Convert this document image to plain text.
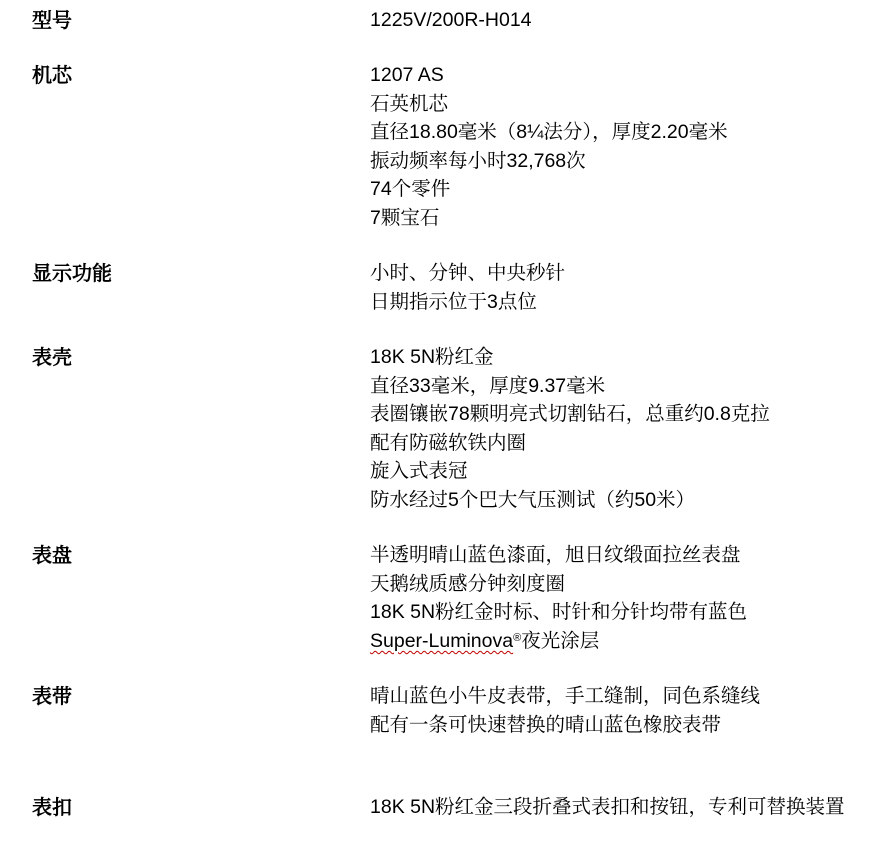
型号	1225V/200R-H014
机芯	1207 AS
石英机芯
直径18.80毫米（8¼法分），厚度2.20毫米
振动频率每小时32,768次
74个零件
7颗宝石
显示功能	小时、分钟、中央秒针
日期指示位于3点位
表壳	18K 5N粉红金
直径33毫米，厚度9.37毫米
表圈镶嵌78颗明亮式切割钻石，总重约0.8克拉
配有防磁软铁内圈
旋入式表冠
防水经过5个巴大气压测试（约50米）
表盘	半透明晴山蓝色漆面，旭日纹缎面拉丝表盘
天鹅绒质感分钟刻度圈
18K 5N粉红金时标、时针和分针均带有蓝色
Super-Luminova®夜光涂层
表带	晴山蓝色小牛皮表带，手工缝制，同色系缝线
配有一条可快速替换的晴山蓝色橡胶表带
表扣	18K 5N粉红金三段折叠式表扣和按钮，专利可替换装置
